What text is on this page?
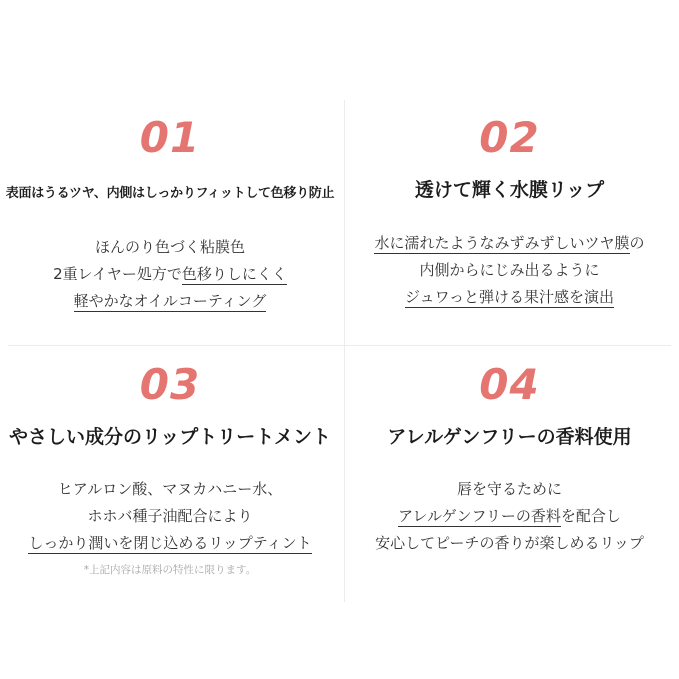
01

表面はうるツヤ、内側はしっかりフィットして色移り防止

ほんのり色づく粘膜色

2重レイヤー処方で色移りしにくく

軽やかなオイルコーティング

02

透けて輝く水膜リップ

水に濡れたようなみずみずしいツヤ膜の

内側からにじみ出るように

ジュワっと弾ける果汁感を演出

03

やさしい成分のリップトリートメント

ヒアルロン酸、マヌカハニー水、

ホホバ種子油配合により

しっかり潤いを閉じ込めるリップティント

*上記内容は原料の特性に限ります。

04

アレルゲンフリーの香料使用

唇を守るために

アレルゲンフリーの香料を配合し

安心してピーチの香りが楽しめるリップ
